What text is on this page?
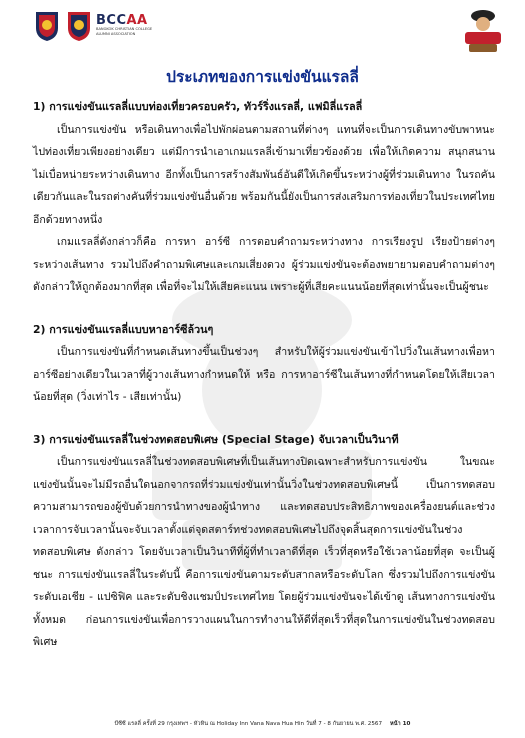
BCCAA
BANGKOK CHRISTIAN COLLEGE ALUMNI ASSOCIATION
ประเภทของการแข่งขันแรลลี่
1) การแข่งขันแรลลี่แบบท่องเที่ยวครอบครัว, ทัวร์ริ่งแรลลี่, แฟมิลี่แรลลี่

เป็นการแข่งขัน หรือเดินทางเพื่อไปพักผ่อนตามสถานที่ต่างๆ แทนที่จะเป็นการเดินทางขับพาหนะไปท่องเที่ยวเพียงอย่างเดียว แต่มีการนำเอาเกมแรลลี่เข้ามาเที่ยวข้องด้วย เพื่อให้เกิดความ สนุกสนาน ไม่เบื่อหน่ายระหว่างเดินทาง อีกทั้งเป็นการสร้างสัมพันธ์อันดีให้เกิดขึ้นระหว่างผู้ที่ร่วมเดินทาง ในรถคันเดียวกันและในรถต่างคันที่ร่วมแข่งขันอื่นด้วย พร้อมกันนี้ยังเป็นการส่งเสริมการท่องเที่ยวในประเทศไทยอีกด้วยทางหนึ่ง

เกมแรลลี่ดังกล่าวก็คือ การหา อาร์ซี การตอบคำถามระหว่างทาง การเรียงรูป เรียงป้ายต่างๆ ระหว่างเส้นทาง รวมไปถึงคำถามพิเศษและเกมเสี่ยงดวง ผู้ร่วมแข่งขันจะต้องพยายามตอบคำถามต่างๆ ดังกล่าวให้ถูกต้องมากที่สุด เพื่อที่จะไม่ให้เสียคะแนน เพราะผู้ที่เสียคะแนนน้อยที่สุดเท่านั้นจะเป็นผู้ชนะ

2) การแข่งขันแรลลี่แบบหาอาร์ซีล้วนๆ

เป็นการแข่งขันที่กำหนดเส้นทางขึ้นเป็นช่วงๆ สำหรับให้ผู้ร่วมแข่งขันเข้าไปวิ่งในเส้นทางเพื่อหา อาร์ซีอย่างเดียวในเวลาที่ผู้วางเส้นทางกำหนดให้ หรือ การหาอาร์ซีในเส้นทางที่กำหนดโดยให้เสียเวลา น้อยที่สุด (วิ่งเท่าไร - เสียเท่านั้น)

3) การแข่งขันแรลลี่ในช่วงทดสอบพิเศษ (Special Stage) จับเวลาเป็นวินาที

เป็นการแข่งขันแรลลี่ในช่วงทดสอบพิเศษที่เป็นเส้นทางปิดเฉพาะสำหรับการแข่งขัน ในขณะแข่งขันนั้นจะไม่มีรถอื่นใดนอกจากรถที่ร่วมแข่งขันเท่านั้นวิ่งในช่วงทดสอบพิเศษนี้ เป็นการทดสอบความสามารถของผู้ขับด้วยการนำทางของผู้นำทาง และทดสอบประสิทธิภาพของเครื่องยนต์และช่วงเวลาการจับเวลานั้นจะจับเวลาตั้งแต่จุดสตาร์ทช่วงทดสอบพิเศษไปถึงจุดสิ้นสุดการแข่งขันในช่วงทดสอบพิเศษ ดังกล่าว โดยจับเวลาเป็นวินาทีที่ผู้ที่ทำเวลาดีที่สุด เร็วที่สุดหรือใช้เวลาน้อยที่สุด จะเป็นผู้ชนะ การแข่งขันแรลลี่ในระดับนี้ คือการแข่งขันตามระดับสากลหรือระดับโลก ซึ่งรวมไปถึงการแข่งขัน ระดับเอเชีย - แปซิฟิค และระดับชิงแชมป์ประเทศไทย โดยผู้ร่วมแข่งขันจะได้เข้าดู เส้นทางการแข่งขันทั้งหมด ก่อนการแข่งขันเพื่อการวางแผนในการทำงานให้ดีที่สุดเร็วที่สุดในการแข่งขันในช่วงทดสอบพิเศษ

บีซีซี แรลลี่ ครั้งที่ 29 กรุงเทพฯ - หัวหิน ณ Holiday Inn Vana Nava Hua Hin วันที่ 7 - 8 กันยายน พ.ศ. 2567 หน้า 10
